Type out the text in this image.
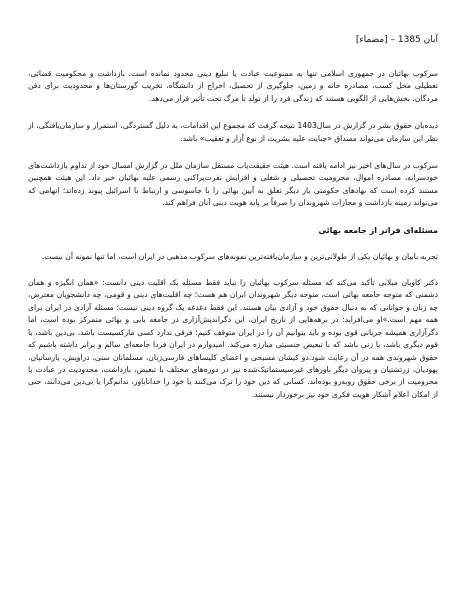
آبان 1385 – [مضماء]

سرکوب بهائیان در جمهوری اسلامی تنها به ممنوعیت عبادت یا تبلیغ دینی محدود نمانده است. بازداشت و محکومیت قضائی، تعطیلی محل کسب، مصادره خانه و زمین، جلوگیری از تحصیل، اخراج از دانشگاه، تخریب گورستان‌ها و محدودیت برای دفن مردگان، بخش‌هایی از الگویی هستند که زندگی فرد را از تولد تا مرگ تحت تأثیر قرار می‌دهد.

دیده‌بان حقوق بشر در گزارش در سال1403 نتیجه گرفت که مجموع این اقدامات، به دلیل گستردگی، استمرار و سازمان‌یافتگی، از نظر این سازمان می‌تواند مصداق «جنایت علیه بشریت از نوع آزار و تعقیب» باشد.

سرکوب در سال‌های اخیر نیز ادامه یافته است. هیئت حقیقت‌یاب مستقل سازمان ملل در گزارش امسال خود از تداوم بازداشت‌های خودسرانه، مصادره اموال، محرومیت تحصیلی و شغلی و افزایش نفرت‌پراکنی رسمی علیه بهائیان خبر داد. این هیئت همچنین مستند کرده است که نهادهای حکومتی بار دیگر تعلق به آیین بهائی را با جاسوسی و ارتباط با اسرائیل پیوند زده‌اند؛ اتهامی که می‌تواند زمینه بازداشت و مجازات شهروندان را صرفاً بر پایه هویت دینی آنان فراهم کند.

مسئله‌ای فراتر از جامعه بهائی

تجربه بابیان و بهائیان یکی از طولانی‌ترین و سازمان‌یافته‌ترین نمونه‌های سرکوب مذهبی در ایران است، اما تنها نمونه آن نیست.

دکتر کاویان میلانی تأکید می‌کند که مسئله سرکوب بهائیان را نباید فقط مسئله یک اقلیت دینی دانست: «همان انگیزه و همان دشمنی که متوجه جامعه بهائی است، متوجه دیگر شهروندان ایران هم هست؛ چه اقلیت‌های دینی و قومی، چه دانشجویان معترض، چه زنان و جوانانی که به دنبال حقوق خود و آزادی بیان هستند. این فقط دغدغه یک گروه دینی نیست؛ مسئله آزادی در ایران برای همه مهم است.»او می‌افزاید: در برهه‌هایی از تاریخ ایران، این دگراندیش‌آزاری در جامعه بابی و بهائی متمرکز بوده است، اما دگرآزاری همیشه جریانی قوی بوده و باید بتوانیم آن را در ایران متوقف کنیم؛ فرقی ندارد کسی مارکسیست باشد، بی‌دین باشد، با قوم دیگری باشد، یا زنی باشد که با تبعیض جنسیتی مبارزه می‌کند. امیدوارم در ایران فردا جامعه‌ای سالم و برابر داشته باشیم که حقوق شهروندی همه در آن رعایت شود.دو کیشان مسیحی و اعضای کلیساهای فارسی‌زبان، مسلمانان سنی، دراویش، یارسانیان، یهودیان، زرتشتیان و پیروان دیگر باورهای غیرسیستماتیک‌شده نیز در دوره‌های مختلف با تبعیض، بازداشت، محدودیت در عبادت یا محرومیت از برخی حقوق روبه‌رو بوده‌اند. کسانی که دین خود را ترک می‌کنند یا خود را خداناباور، ندانم‌گرا یا بی‌دین می‌دانند، حتی از امکان اعلام آشکار هویت فکری خود نیز برخوردار نیستند.
